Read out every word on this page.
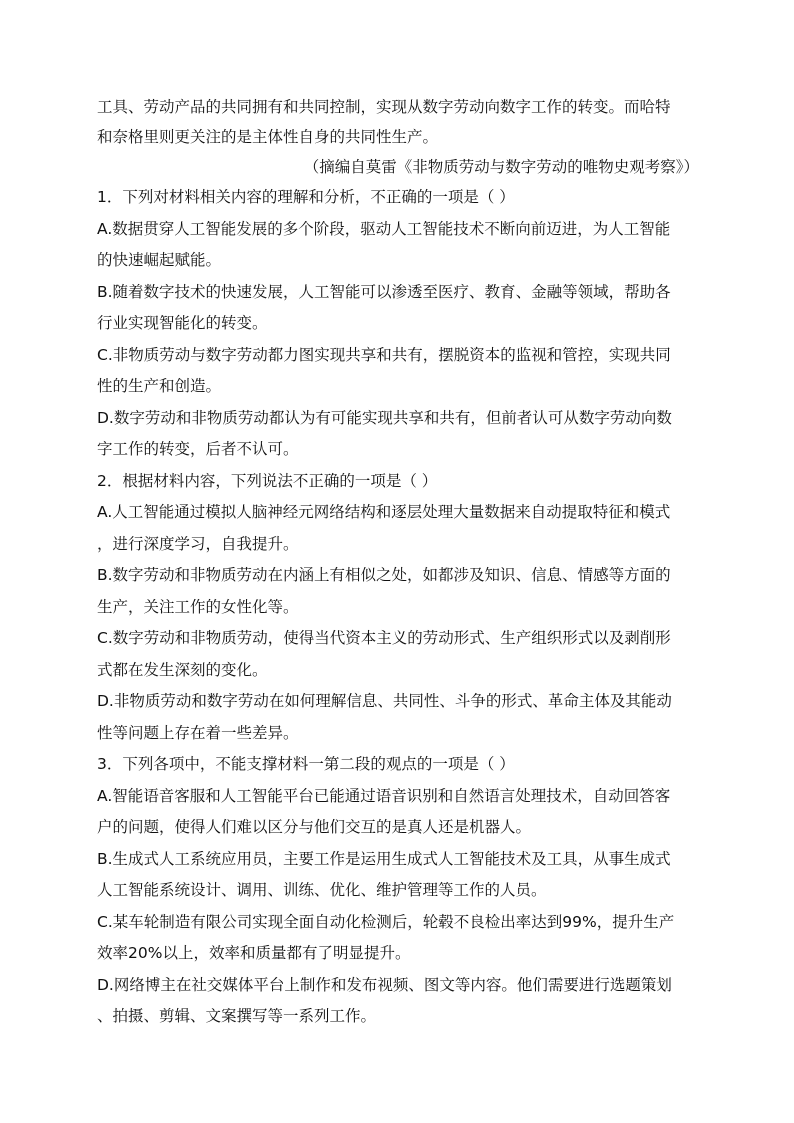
工具、劳动产品的共同拥有和共同控制，实现从数字劳动向数字工作的转变。而哈特
和奈格里则更关注的是主体性自身的共同性生产。
（摘编自莫雷《非物质劳动与数字劳动的唯物史观考察》）
1．下列对材料相关内容的理解和分析，不正确的一项是（ ）
A.数据贯穿人工智能发展的多个阶段，驱动人工智能技术不断向前迈进，为人工智能
的快速崛起赋能。
B.随着数字技术的快速发展，人工智能可以渗透至医疗、教育、金融等领域，帮助各
行业实现智能化的转变。
C.非物质劳动与数字劳动都力图实现共享和共有，摆脱资本的监视和管控，实现共同
性的生产和创造。
D.数字劳动和非物质劳动都认为有可能实现共享和共有，但前者认可从数字劳动向数
字工作的转变，后者不认可。
2．根据材料内容，下列说法不正确的一项是（ ）
A.人工智能通过模拟人脑神经元网络结构和逐层处理大量数据来自动提取特征和模式
，进行深度学习，自我提升。
B.数字劳动和非物质劳动在内涵上有相似之处，如都涉及知识、信息、情感等方面的
生产，关注工作的女性化等。
C.数字劳动和非物质劳动，使得当代资本主义的劳动形式、生产组织形式以及剥削形
式都在发生深刻的变化。
D.非物质劳动和数字劳动在如何理解信息、共同性、斗争的形式、革命主体及其能动
性等问题上存在着一些差异。
3．下列各项中，不能支撑材料一第二段的观点的一项是（ ）
A.智能语音客服和人工智能平台已能通过语音识别和自然语言处理技术，自动回答客
户的问题，使得人们难以区分与他们交互的是真人还是机器人。
B.生成式人工系统应用员，主要工作是运用生成式人工智能技术及工具，从事生成式
人工智能系统设计、调用、训练、优化、维护管理等工作的人员。
C.某车轮制造有限公司实现全面自动化检测后，轮毂不良检出率达到99%，提升生产
效率20%以上，效率和质量都有了明显提升。
D.网络博主在社交媒体平台上制作和发布视频、图文等内容。他们需要进行选题策划
、拍摄、剪辑、文案撰写等一系列工作。
